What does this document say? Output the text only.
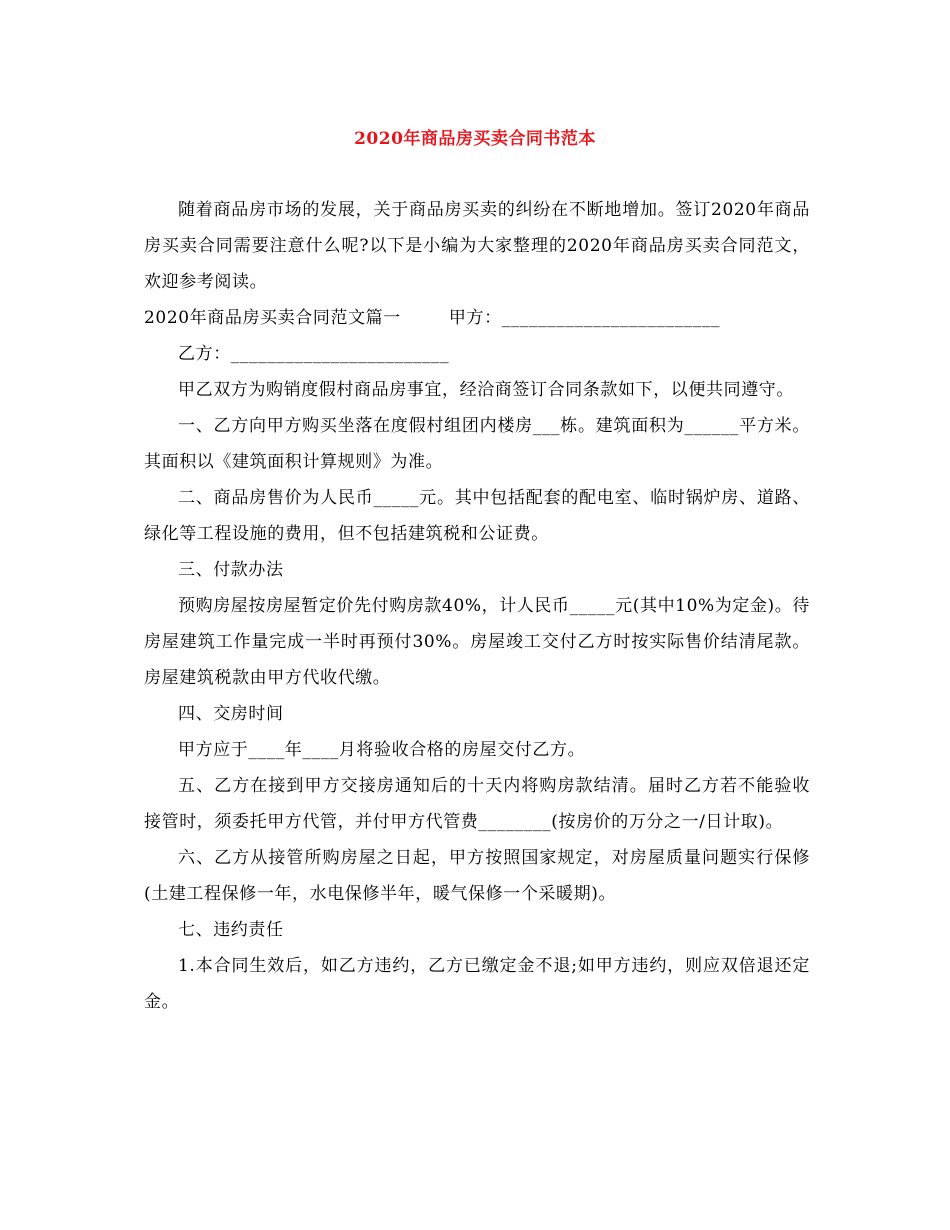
2020年商品房买卖合同书范本

随着商品房市场的发展，关于商品房买卖的纠纷在不断地增加。签订2020年商品房买卖合同需要注意什么呢?以下是小编为大家整理的2020年商品房买卖合同范文，欢迎参考阅读。

2020年商品房买卖合同范文篇一	甲方：________________________

乙方：________________________

甲乙双方为购销度假村商品房事宜，经洽商签订合同条款如下，以便共同遵守。

一、乙方向甲方购买坐落在度假村组团内楼房___栋。建筑面积为______平方米。其面积以《建筑面积计算规则》为准。

二、商品房售价为人民币_____元。其中包括配套的配电室、临时锅炉房、道路、绿化等工程设施的费用，但不包括建筑税和公证费。

三、付款办法

预购房屋按房屋暂定价先付购房款40%，计人民币_____元(其中10%为定金)。待房屋建筑工作量完成一半时再预付30%。房屋竣工交付乙方时按实际售价结清尾款。房屋建筑税款由甲方代收代缴。

四、交房时间

甲方应于____年____月将验收合格的房屋交付乙方。

五、乙方在接到甲方交接房通知后的十天内将购房款结清。届时乙方若不能验收接管时，须委托甲方代管，并付甲方代管费________(按房价的万分之一/日计取)。

六、乙方从接管所购房屋之日起，甲方按照国家规定，对房屋质量问题实行保修(土建工程保修一年，水电保修半年，暖气保修一个采暖期)。

七、违约责任

1.本合同生效后，如乙方违约，乙方已缴定金不退;如甲方违约，则应双倍退还定金。
